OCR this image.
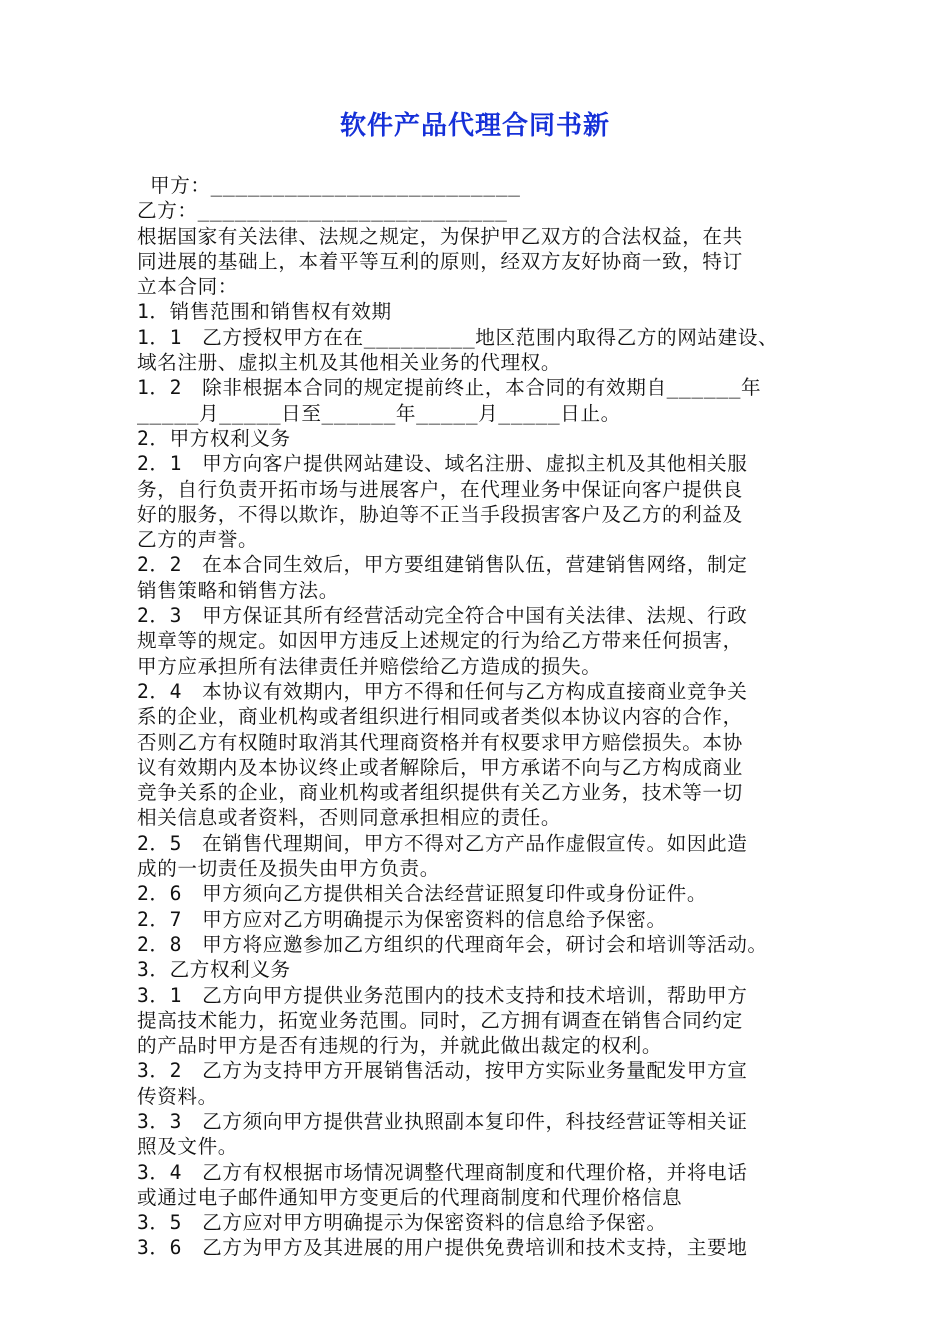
软件产品代理合同书新
甲方：_________________________
乙方：_________________________
根据国家有关法律、法规之规定，为保护甲乙双方的合法权益，在共
同进展的基础上，本着平等互利的原则，经双方友好协商一致，特订
立本合同：
1．销售范围和销售权有效期
1．1　乙方授权甲方在在_________地区范围内取得乙方的网站建设、
域名注册、虚拟主机及其他相关业务的代理权。
1．2　除非根据本合同的规定提前终止，本合同的有效期自______年
_____月_____日至______年_____月_____日止。
2．甲方权利义务
2．1　甲方向客户提供网站建设、域名注册、虚拟主机及其他相关服
务，自行负责开拓市场与进展客户，在代理业务中保证向客户提供良
好的服务，不得以欺诈，胁迫等不正当手段损害客户及乙方的利益及
乙方的声誉。
2．2　在本合同生效后，甲方要组建销售队伍，营建销售网络，制定
销售策略和销售方法。
2．3　甲方保证其所有经营活动完全符合中国有关法律、法规、行政
规章等的规定。如因甲方违反上述规定的行为给乙方带来任何损害，
甲方应承担所有法律责任并赔偿给乙方造成的损失。
2．4　本协议有效期内，甲方不得和任何与乙方构成直接商业竞争关
系的企业，商业机构或者组织进行相同或者类似本协议内容的合作，
否则乙方有权随时取消其代理商资格并有权要求甲方赔偿损失。本协
议有效期内及本协议终止或者解除后，甲方承诺不向与乙方构成商业
竞争关系的企业，商业机构或者组织提供有关乙方业务，技术等一切
相关信息或者资料，否则同意承担相应的责任。
2．5　在销售代理期间，甲方不得对乙方产品作虚假宣传。如因此造
成的一切责任及损失由甲方负责。
2．6　甲方须向乙方提供相关合法经营证照复印件或身份证件。
2．7　甲方应对乙方明确提示为保密资料的信息给予保密。
2．8　甲方将应邀参加乙方组织的代理商年会，研讨会和培训等活动。
3．乙方权利义务
3．1　乙方向甲方提供业务范围内的技术支持和技术培训，帮助甲方
提高技术能力，拓宽业务范围。同时，乙方拥有调查在销售合同约定
的产品时甲方是否有违规的行为，并就此做出裁定的权利。
3．2　乙方为支持甲方开展销售活动，按甲方实际业务量配发甲方宣
传资料。
3．3　乙方须向甲方提供营业执照副本复印件，科技经营证等相关证
照及文件。
3．4　乙方有权根据市场情况调整代理商制度和代理价格，并将电话
或通过电子邮件通知甲方变更后的代理商制度和代理价格信息
3．5　乙方应对甲方明确提示为保密资料的信息给予保密。
3．6　乙方为甲方及其进展的用户提供免费培训和技术支持，主要地
